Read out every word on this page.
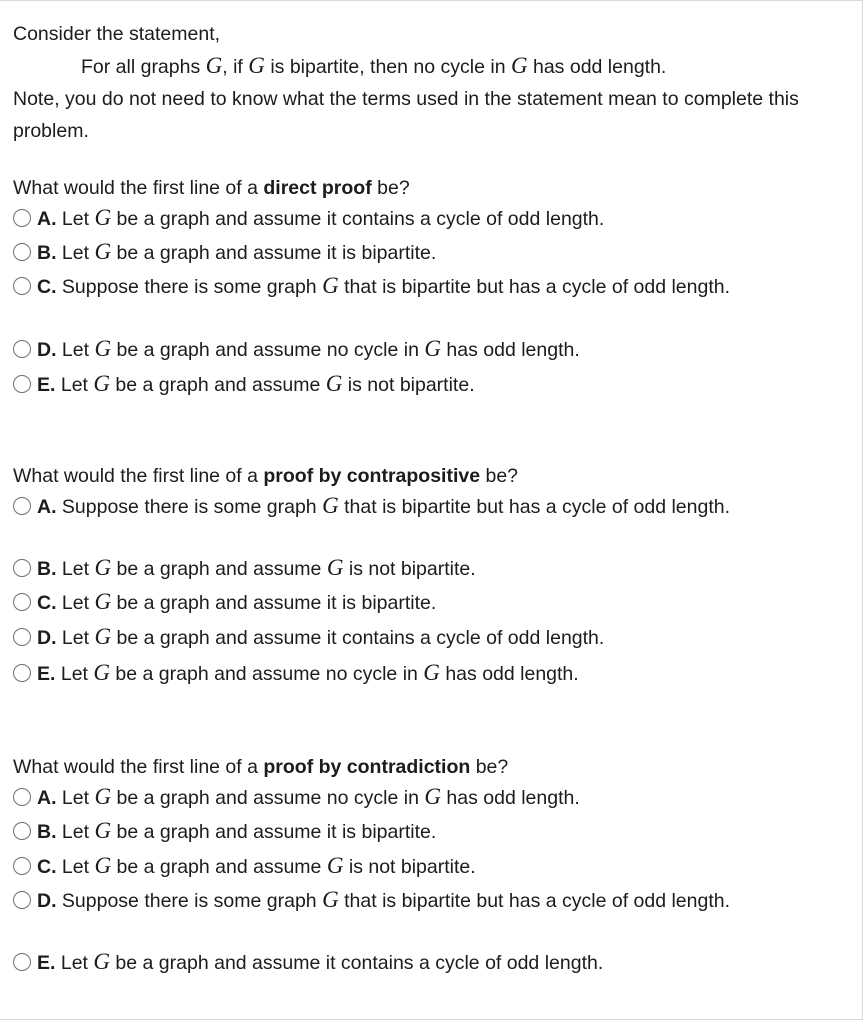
Consider the statement,

For all graphs G, if G is bipartite, then no cycle in G has odd length.

Note, you do not need to know what the terms used in the statement mean to complete this problem.

What would the first line of a direct proof be?

A. Let G be a graph and assume it contains a cycle of odd length.
B. Let G be a graph and assume it is bipartite.
C. Suppose there is some graph G that is bipartite but has a cycle of odd length.
D. Let G be a graph and assume no cycle in G has odd length.
E. Let G be a graph and assume G is not bipartite.

What would the first line of a proof by contrapositive be?

A. Suppose there is some graph G that is bipartite but has a cycle of odd length.
B. Let G be a graph and assume G is not bipartite.
C. Let G be a graph and assume it is bipartite.
D. Let G be a graph and assume it contains a cycle of odd length.
E. Let G be a graph and assume no cycle in G has odd length.

What would the first line of a proof by contradiction be?

A. Let G be a graph and assume no cycle in G has odd length.
B. Let G be a graph and assume it is bipartite.
C. Let G be a graph and assume G is not bipartite.
D. Suppose there is some graph G that is bipartite but has a cycle of odd length.
E. Let G be a graph and assume it contains a cycle of odd length.
